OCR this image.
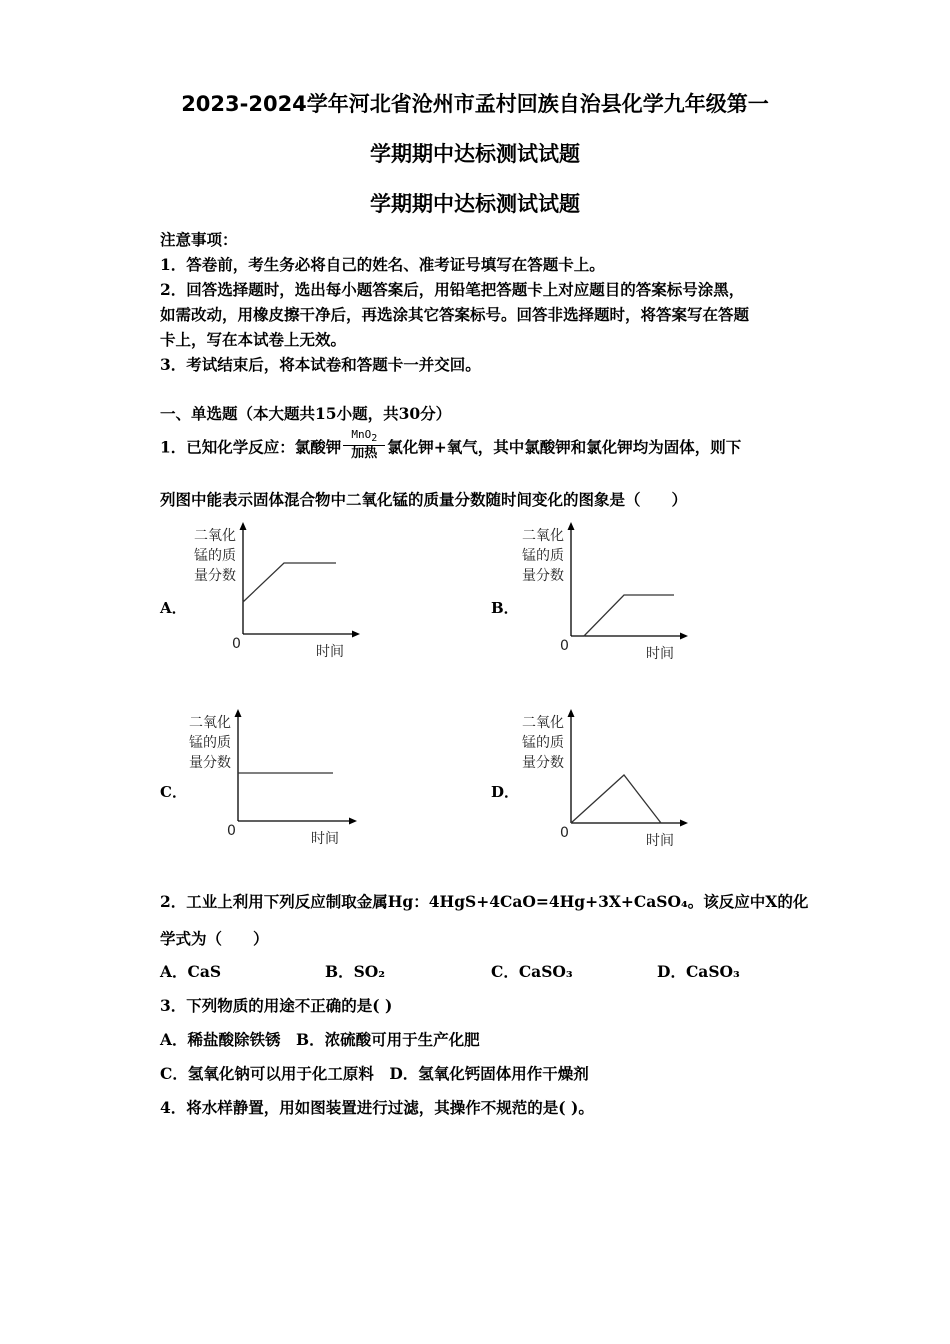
2023-2024学年河北省沧州市孟村回族自治县化学九年级第一
学期期中达标测试试题
学期期中达标测试试题
注意事项：
1．答卷前，考生务必将自己的姓名、准考证号填写在答题卡上。
2．回答选择题时，选出每小题答案后，用铅笔把答题卡上对应题目的答案标号涂黑，
如需改动，用橡皮擦干净后，再选涂其它答案标号。回答非选择题时，将答案写在答题
卡上，写在本试卷上无效。
3．考试结束后，将本试卷和答题卡一并交回。
一、单选题（本大题共15小题，共30分）
1．已知化学反应：氯酸钾 $\frac{MnO_2}{\text{加热}}$ 氯化钾+氧气，其中氯酸钾和氯化钾均为固体，则下
列图中能表示固体混合物中二氧化锰的质量分数随时间变化的图象是（　　）
A．
二氧化
锰的质
量分数
0	时间
B．
二氧化
锰的质
量分数
0	时间
C．
二氧化
锰的质
量分数
0	时间
D．
二氧化
锰的质
量分数
0	时间
2．工业上利用下列反应制取金属Hg：4HgS+4CaO=4Hg+3X+CaSO₄。该反应中X的化
学式为（　　）
A．CaS	B．SO₂	C．CaSO₃	D．CaSO₃
3．下列物质的用途不正确的是( )
A．稀盐酸除铁锈　B．浓硫酸可用于生产化肥
C．氢氧化钠可以用于化工原料　D．氢氧化钙固体用作干燥剂
4．将水样静置，用如图装置进行过滤，其操作不规范的是( )。
